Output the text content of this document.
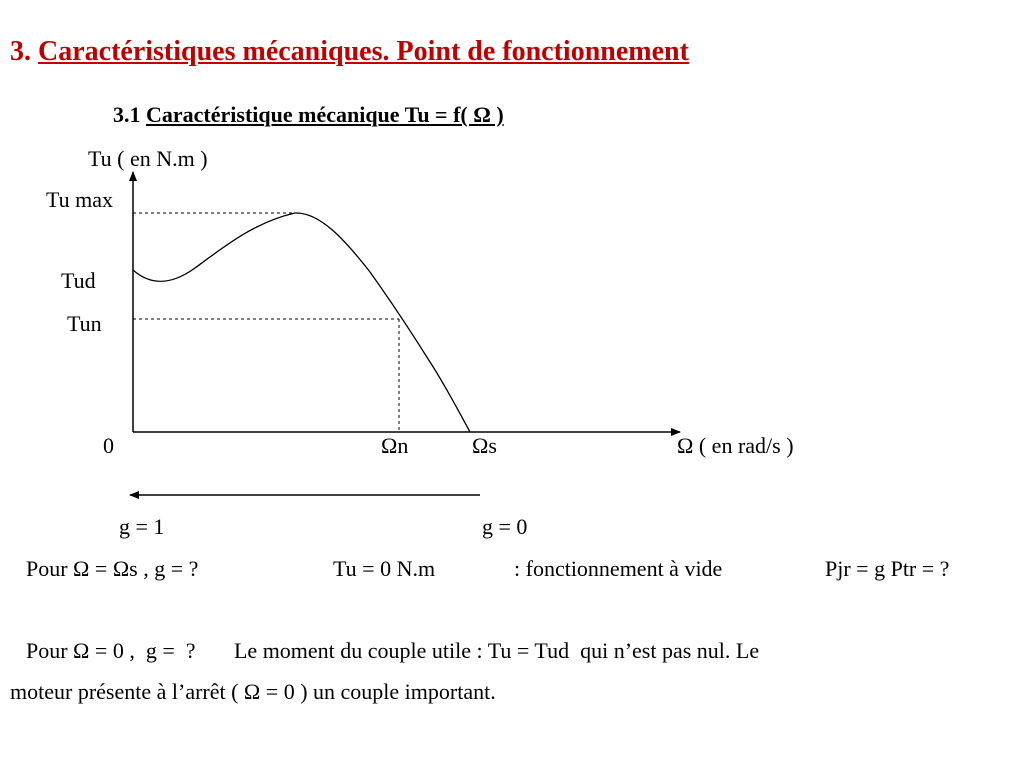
3. Caractéristiques mécaniques. Point de fonctionnement
3.1 Caractéristique mécanique Tu = f( Ω )
Tu ( en N.m )
Tu max
Tud
Tun
0	Ωn	Ωs	Ω ( en rad/s )
g = 1	g = 0
Pour Ω = Ωs , g = ?	Tu = 0 N.m	: fonctionnement à vide	Pjr = g Ptr = ?
Pour Ω = 0 ,  g =  ?       Le moment du couple utile : Tu = Tud  qui n’est pas nul. Le
moteur présente à l’arrêt ( Ω = 0 ) un couple important.
